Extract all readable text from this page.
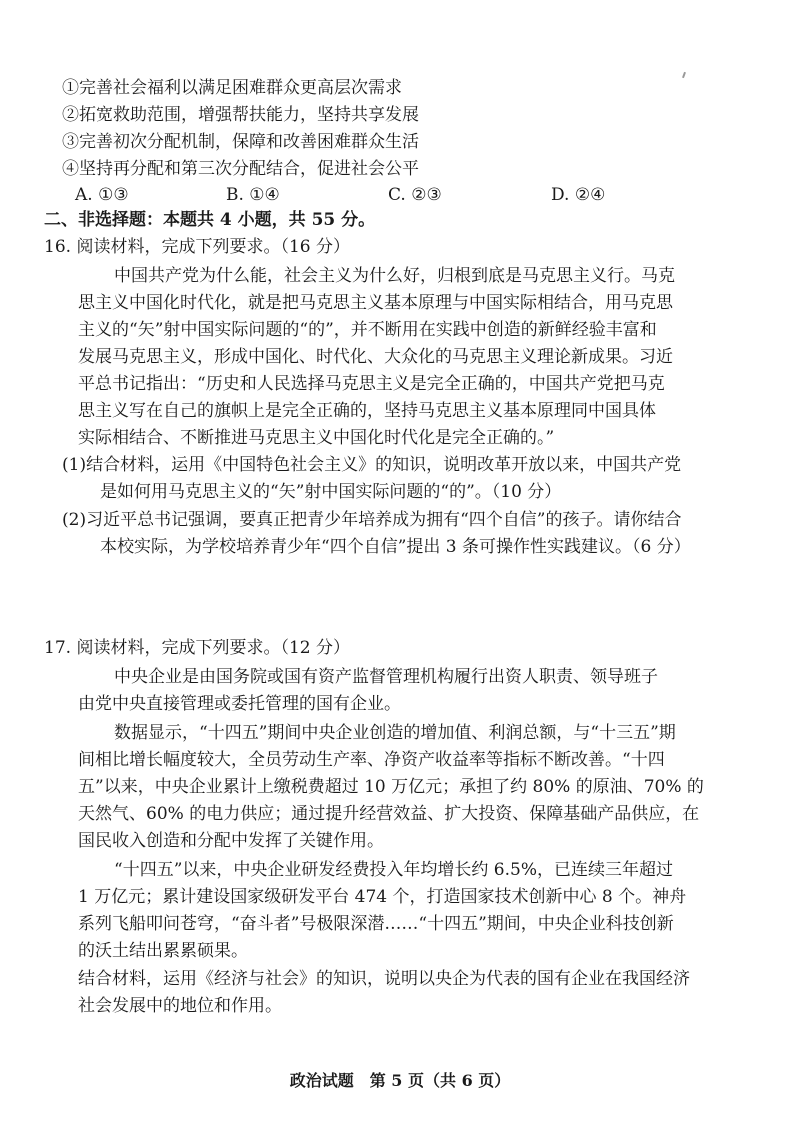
①完善社会福利以满足困难群众更高层次需求
②拓宽救助范围，增强帮扶能力，坚持共享发展
③完善初次分配机制，保障和改善困难群众生活
④坚持再分配和第三次分配结合，促进社会公平
A. ①③	B. ①④	C. ②③	D. ②④
二、非选择题：本题共 4 小题，共 55 分。
16. 阅读材料，完成下列要求。（16 分）
中国共产党为什么能，社会主义为什么好，归根到底是马克思主义行。马克
思主义中国化时代化，就是把马克思主义基本原理与中国实际相结合，用马克思
主义的“矢”射中国实际问题的“的”，并不断用在实践中创造的新鲜经验丰富和
发展马克思主义，形成中国化、时代化、大众化的马克思主义理论新成果。习近
平总书记指出：“历史和人民选择马克思主义是完全正确的，中国共产党把马克
思主义写在自己的旗帜上是完全正确的，坚持马克思主义基本原理同中国具体
实际相结合、不断推进马克思主义中国化时代化是完全正确的。”
(1)结合材料，运用《中国特色社会主义》的知识，说明改革开放以来，中国共产党
是如何用马克思主义的“矢”射中国实际问题的“的”。（10 分）
(2)习近平总书记强调，要真正把青少年培养成为拥有“四个自信”的孩子。请你结合
本校实际，为学校培养青少年“四个自信”提出 3 条可操作性实践建议。（6 分）
17. 阅读材料，完成下列要求。（12 分）
中央企业是由国务院或国有资产监督管理机构履行出资人职责、领导班子
由党中央直接管理或委托管理的国有企业。
数据显示，“十四五”期间中央企业创造的增加值、利润总额，与“十三五”期
间相比增长幅度较大，全员劳动生产率、净资产收益率等指标不断改善。“十四
五”以来，中央企业累计上缴税费超过 10 万亿元；承担了约 80% 的原油、70% 的
天然气、60% 的电力供应；通过提升经营效益、扩大投资、保障基础产品供应，在
国民收入创造和分配中发挥了关键作用。
“十四五”以来，中央企业研发经费投入年均增长约 6.5%，已连续三年超过
1 万亿元；累计建设国家级研发平台 474 个，打造国家技术创新中心 8 个。神舟
系列飞船叩问苍穹，“奋斗者”号极限深潜……“十四五”期间，中央企业科技创新
的沃土结出累累硕果。
结合材料，运用《经济与社会》的知识，说明以央企为代表的国有企业在我国经济
社会发展中的地位和作用。
政治试题　第 5 页（共 6 页）
